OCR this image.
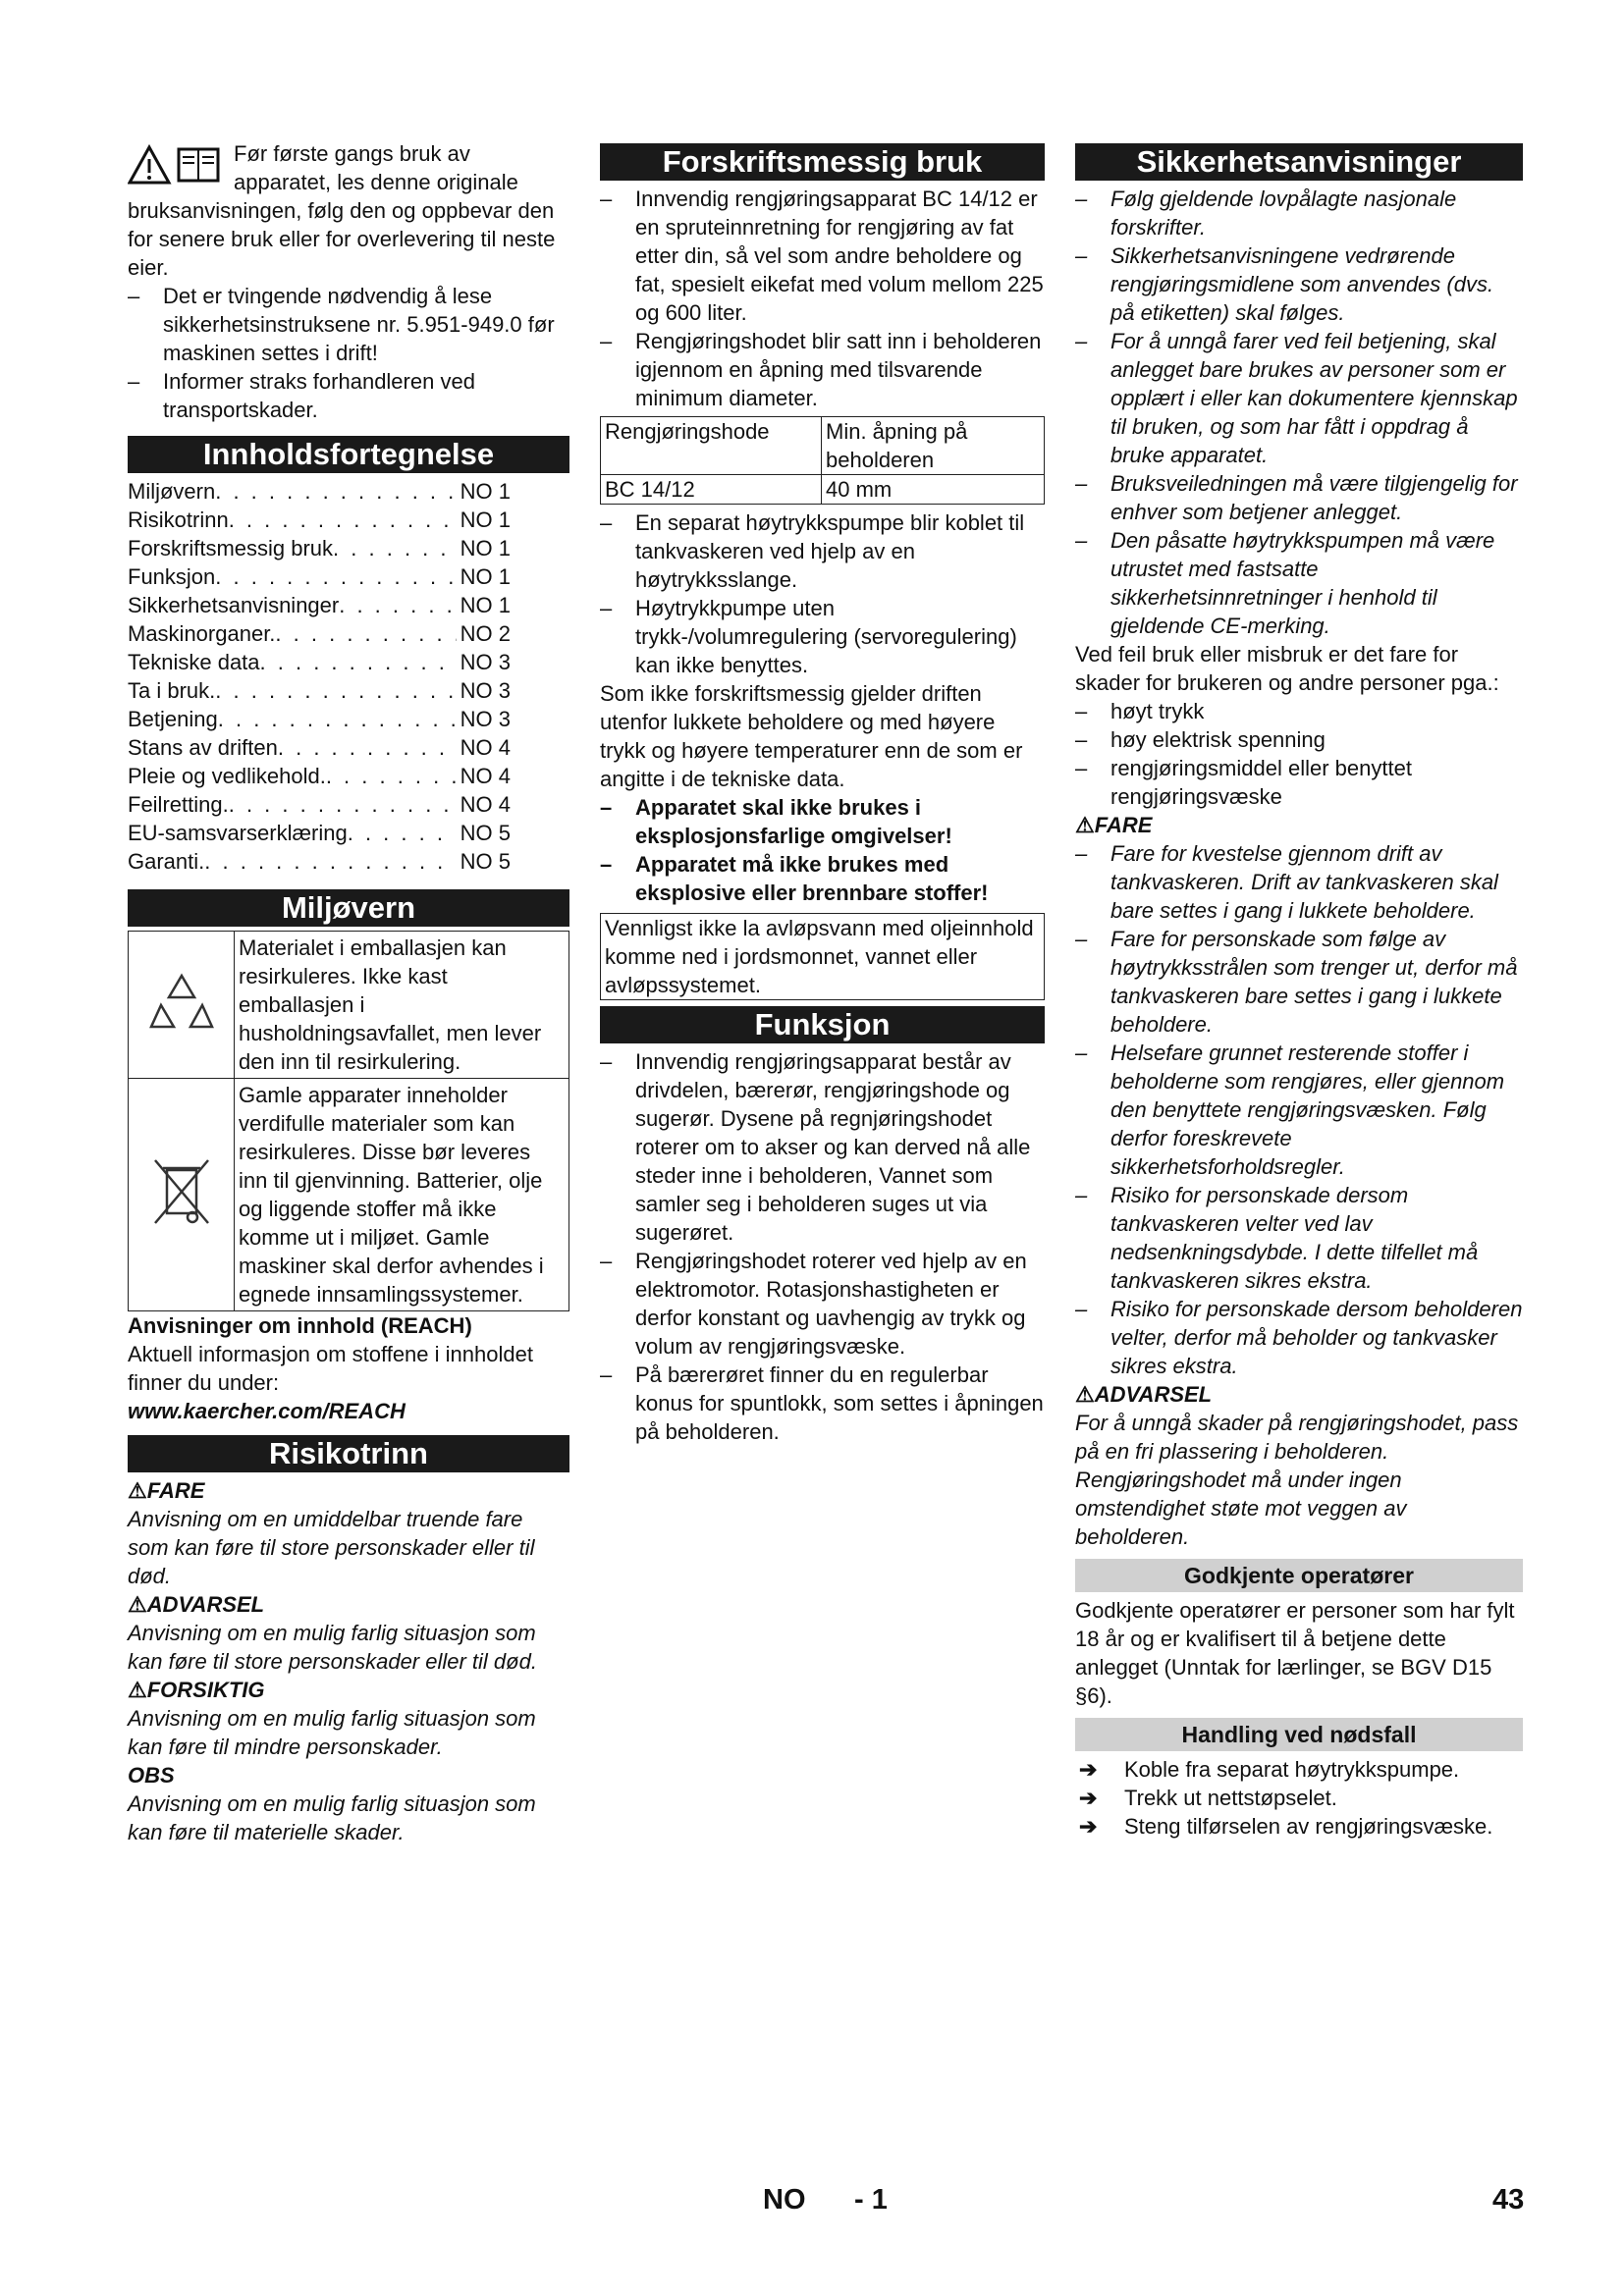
Før første gangs bruk av apparatet, les denne originale bruksanvisningen, følg den og oppbevar den for senere bruk eller for overlevering til neste eier.

– Det er tvingende nødvendig å lese sikkerhetsinstruksene nr. 5.951-949.0 før maskinen settes i drift!

– Informer straks forhandleren ved transportskader.

Innholdsfortegnelse
Miljøvern . . .	NO 1
Risikotrinn . . .	NO 1
Forskriftsmessig bruk . . .	NO 1
Funksjon . . .	NO 1
Sikkerhetsanvisninger . . .	NO 1
Maskinorganer. . . .	NO 2
Tekniske data . . .	NO 3
Ta i bruk. . . .	NO 3
Betjening . . .	NO 3
Stans av driften . . .	NO 4
Pleie og vedlikehold. . . .	NO 4
Feilretting. . . .	NO 4
EU-samsvarserklæring . . .	NO 5
Garanti. . . .	NO 5
Miljøvern
	Materialet i emballasjen kan resirkuleres. Ikke kast emballasjen i husholdningsavfallet, men lever den inn til resirkulering.
	Gamle apparater inneholder verdifulle materialer som kan resirkuleres. Disse bør leveres inn til gjenvinning. Batterier, olje og liggende stoffer må ikke komme ut i miljøet. Gamle maskiner skal derfor avhendes i egnede innsamlingssystemer.

Anvisninger om innhold (REACH)

Aktuell informasjon om stoffene i innholdet finner du under:

www.kaercher.com/REACH

Risikotrinn

⚠FARE

Anvisning om en umiddelbar truende fare som kan føre til store personskader eller til død.

⚠ADVARSEL

Anvisning om en mulig farlig situasjon som kan føre til store personskader eller til død.

⚠FORSIKTIG

Anvisning om en mulig farlig situasjon som kan føre til mindre personskader.

OBS

Anvisning om en mulig farlig situasjon som kan føre til materielle skader.

Forskriftsmessig bruk

– Innvendig rengjøringsapparat BC 14/12 er en spruteinnretning for rengjøring av fat etter din, så vel som andre beholdere og fat, spesielt eikefat med volum mellom 225 og 600 liter.

– Rengjøringshodet blir satt inn i beholderen igjennom en åpning med tilsvarende minimum diameter.

Rengjøringshode	Min. åpning på beholderen
BC 14/12	40 mm

– En separat høytrykkspumpe blir koblet til tankvaskeren ved hjelp av en høytrykksslange.

– Høytrykkpumpe uten trykk-/volumregulering (servoregulering) kan ikke benyttes.

Som ikke forskriftsmessig gjelder driften utenfor lukkete beholdere og med høyere trykk og høyere temperaturer enn de som er angitte i de tekniske data.

– Apparatet skal ikke brukes i eksplosjonsfarlige omgivelser!

– Apparatet må ikke brukes med eksplosive eller brennbare stoffer!

Vennligst ikke la avløpsvann med oljeinnhold komme ned i jordsmonnet, vannet eller avløpssystemet.
Funksjon

– Innvendig rengjøringsapparat består av drivdelen, bærerør, rengjøringshode og sugerør. Dysene på regnjøringshodet roterer om to akser og kan derved nå alle steder inne i beholderen, Vannet som samler seg i beholderen suges ut via sugerøret.

– Rengjøringshodet roterer ved hjelp av en elektromotor. Rotasjonshastigheten er derfor konstant og uavhengig av trykk og volum av rengjøringsvæske.

– På bærerøret finner du en regulerbar konus for spuntlokk, som settes i åpningen på beholderen.

Sikkerhetsanvisninger

– Følg gjeldende lovpålagte nasjonale forskrifter.

– Sikkerhetsanvisningene vedrørende rengjøringsmidlene som anvendes (dvs. på etiketten) skal følges.

– For å unngå farer ved feil betjening, skal anlegget bare brukes av personer som er opplært i eller kan dokumentere kjennskap til bruken, og som har fått i oppdrag å bruke apparatet.

– Bruksveiledningen må være tilgjengelig for enhver som betjener anlegget.

– Den påsatte høytrykkspumpen må være utrustet med fastsatte sikkerhetsinnretninger i henhold til gjeldende CE-merking.

Ved feil bruk eller misbruk er det fare for skader for brukeren og andre personer pga.:

– høyt trykk

– høy elektrisk spenning

– rengjøringsmiddel eller benyttet rengjøringsvæske

⚠FARE

– Fare for kvestelse gjennom drift av tankvaskeren. Drift av tankvaskeren skal bare settes i gang i lukkete beholdere.

– Fare for personskade som følge av høytrykksstrålen som trenger ut, derfor må tankvaskeren bare settes i gang i lukkete beholdere.

– Helsefare grunnet resterende stoffer i beholderne som rengjøres, eller gjennom den benyttete rengjøringsvæsken. Følg derfor foreskrevete sikkerhetsforholdsregler.

– Risiko for personskade dersom tankvaskeren velter ved lav nedsenkningsdybde. I dette tilfellet må tankvaskeren sikres ekstra.

– Risiko for personskade dersom beholderen velter, derfor må beholder og tankvasker sikres ekstra.

⚠ADVARSEL

For å unngå skader på rengjøringshodet, pass på en fri plassering i beholderen. Rengjøringshodet må under ingen omstendighet støte mot veggen av beholderen.

Godkjente operatører

Godkjente operatører er personer som har fylt 18 år og er kvalifisert til å betjene dette anlegget (Unntak for lærlinger, se BGV D15 §6).

Handling ved nødsfall

➔ Koble fra separat høytrykkspumpe.

➔ Trekk ut nettstøpselet.

➔ Steng tilførselen av rengjøringsvæske.

NO - 1	43
